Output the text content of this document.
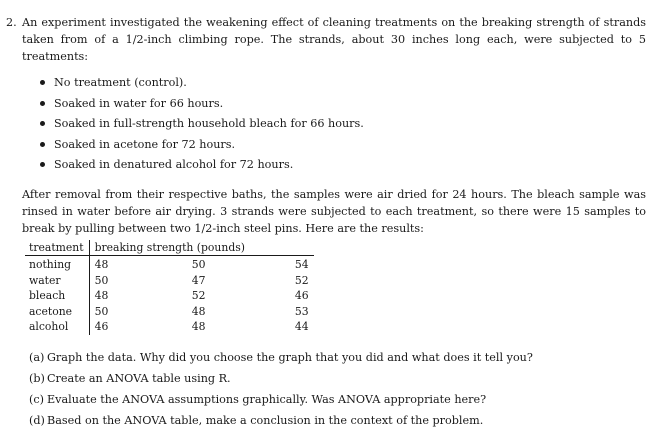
2. An experiment investigated the weakening effect of cleaning treatments on the breaking strength of strands taken from of a 1/2-inch climbing rope. The strands, about 30 inches long each, were subjected to 5 treatments:
No treatment (control).
Soaked in water for 66 hours.
Soaked in full-strength household bleach for 66 hours.
Soaked in acetone for 72 hours.
Soaked in denatured alcohol for 72 hours.
After removal from their respective baths, the samples were air dried for 24 hours. The bleach sample was rinsed in water before air drying. 3 strands were subjected to each treatment, so there were 15 samples to break by pulling between two 1/2-inch steel pins. Here are the results:
treatment	breaking strength (pounds)		
nothing	48	50	54
water	50	47	52
bleach	48	52	46
acetone	50	48	53
alcohol	46	48	44
(a) Graph the data. Why did you choose the graph that you did and what does it tell you?
(b) Create an ANOVA table using R.
(c) Evaluate the ANOVA assumptions graphically. Was ANOVA appropriate here?
(d) Based on the ANOVA table, make a conclusion in the context of the problem.
